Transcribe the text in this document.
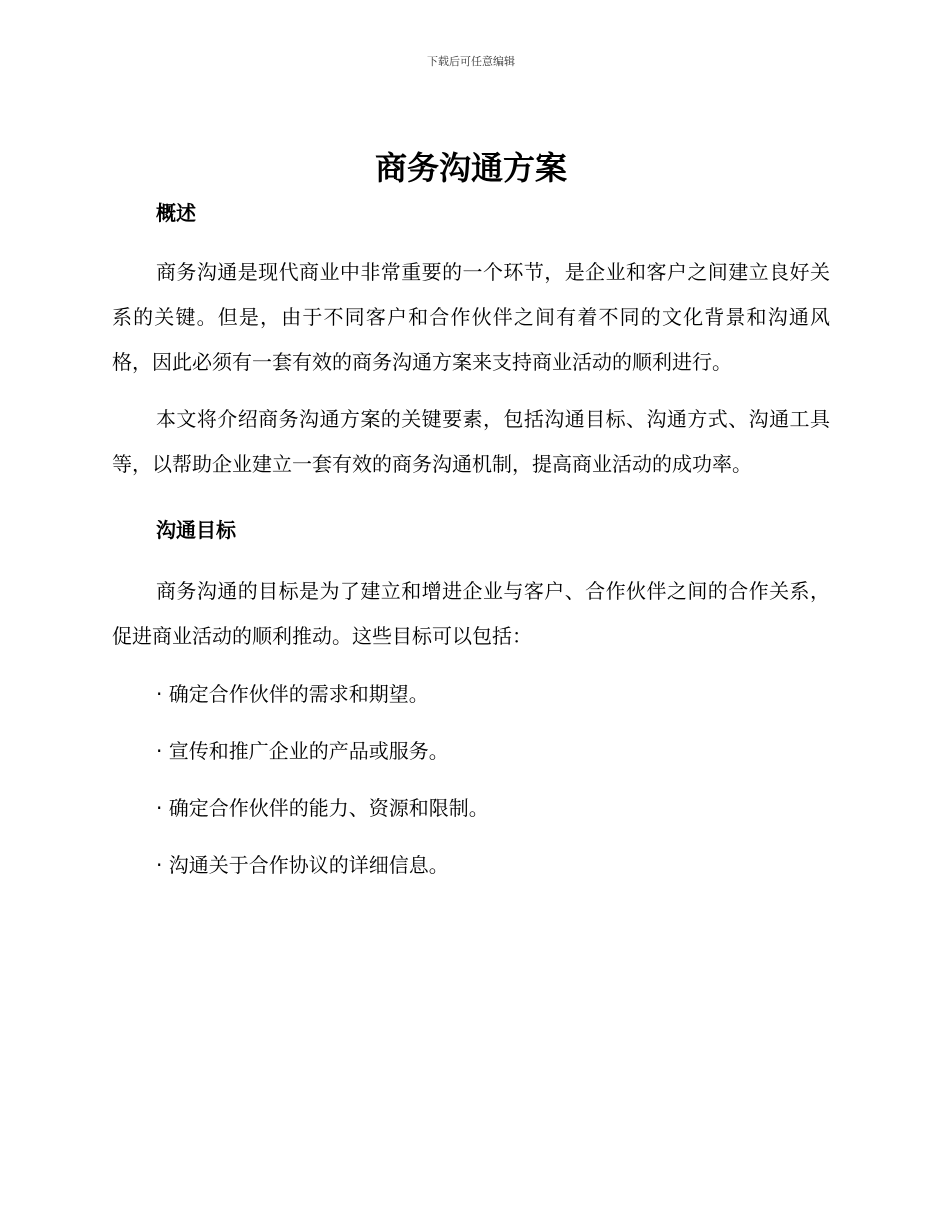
下载后可任意编辑
商务沟通方案
概述

商务沟通是现代商业中非常重要的一个环节，是企业和客户之间建立良好关系的关键。但是，由于不同客户和合作伙伴之间有着不同的文化背景和沟通风格，因此必须有一套有效的商务沟通方案来支持商业活动的顺利进行。

本文将介绍商务沟通方案的关键要素，包括沟通目标、沟通方式、沟通工具等，以帮助企业建立一套有效的商务沟通机制，提高商业活动的成功率。

沟通目标

商务沟通的目标是为了建立和增进企业与客户、合作伙伴之间的合作关系，促进商业活动的顺利推动。这些目标可以包括：

· 确定合作伙伴的需求和期望。
· 宣传和推广企业的产品或服务。
· 确定合作伙伴的能力、资源和限制。
· 沟通关于合作协议的详细信息。
